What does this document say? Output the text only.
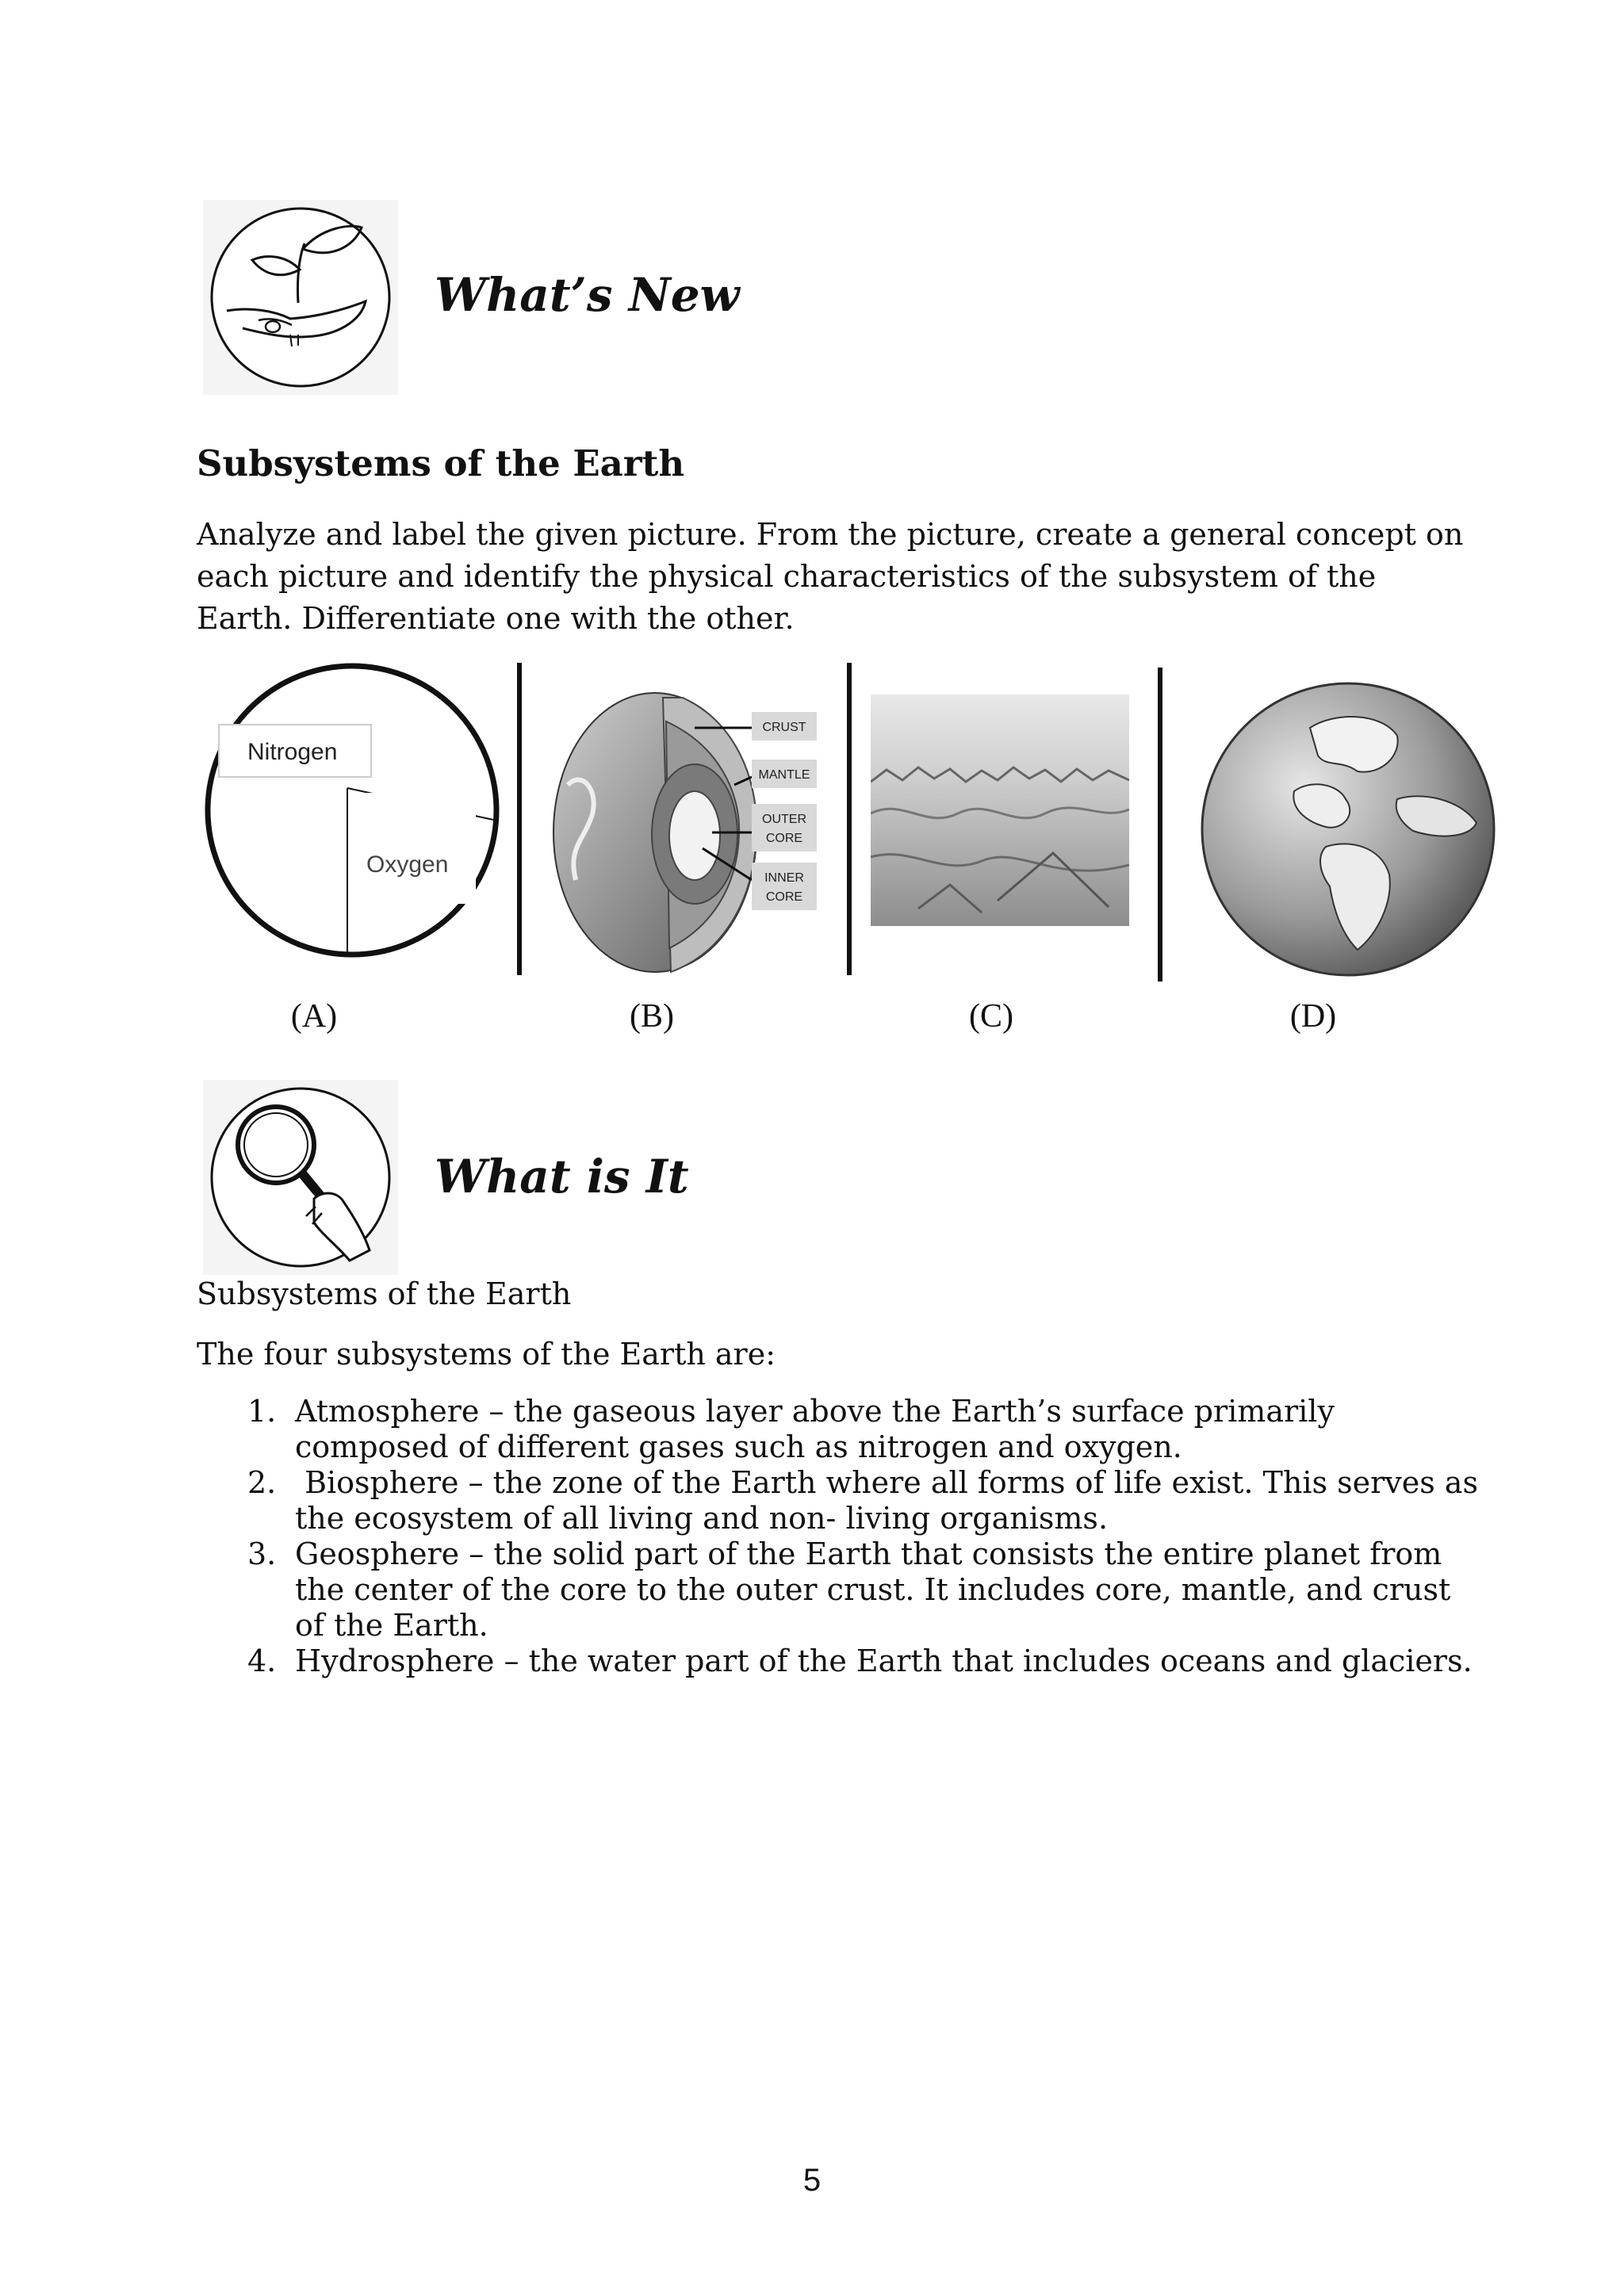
What’s New
Subsystems of the Earth
Analyze and label the given picture. From the picture, create a general concept on
each picture and identify the physical characteristics of the subsystem of the
Earth. Differentiate one with the other.
Nitrogen
Oxygen
CRUST
MANTLE
OUTER
CORE
INNER
CORE
(A)	(B)	(C)	(D)
What is It
Subsystems of the Earth
The four subsystems of the Earth are:
1. Atmosphere – the gaseous layer above the Earth’s surface primarily
composed of different gases such as nitrogen and oxygen.
2. Biosphere – the zone of the Earth where all forms of life exist. This serves as
the ecosystem of all living and non- living organisms.
3. Geosphere – the solid part of the Earth that consists the entire planet from
the center of the core to the outer crust. It includes core, mantle, and crust
of the Earth.
4. Hydrosphere – the water part of the Earth that includes oceans and glaciers.
5
